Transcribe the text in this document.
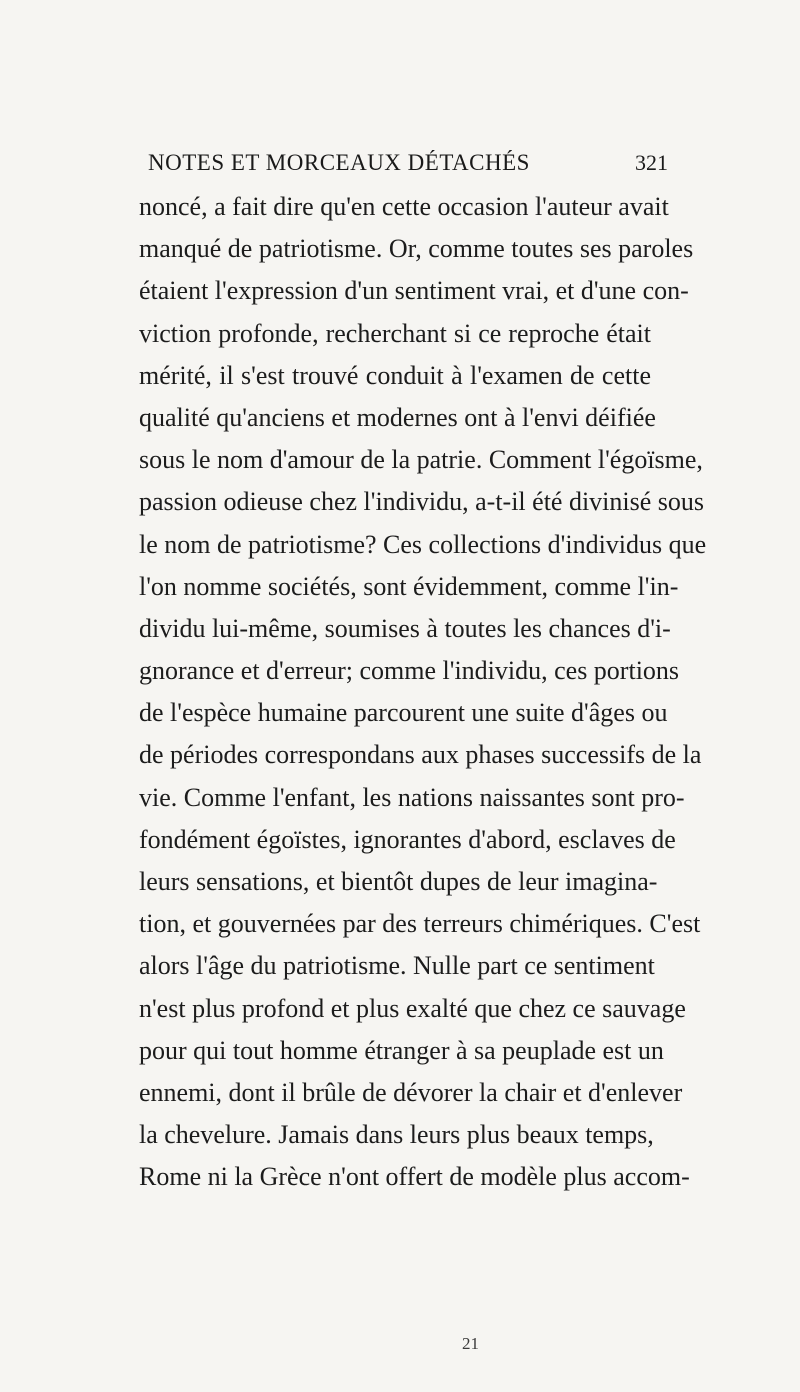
NOTES ET MORCEAUX DÉTACHÉS	321
noncé, a fait dire qu'en cette occasion l'auteur avait
manqué de patriotisme. Or, comme toutes ses paroles
étaient l'expression d'un sentiment vrai, et d'une con-
viction profonde, recherchant si ce reproche était
mérité, il s'est trouvé conduit à l'examen de cette
qualité qu'anciens et modernes ont à l'envi déifiée
sous le nom d'amour de la patrie. Comment l'égoïsme,
passion odieuse chez l'individu, a-t-il été divinisé sous
le nom de patriotisme? Ces collections d'individus que
l'on nomme sociétés, sont évidemment, comme l'in-
dividu lui-même, soumises à toutes les chances d'i-
gnorance et d'erreur; comme l'individu, ces portions
de l'espèce humaine parcourent une suite d'âges ou
de périodes correspondans aux phases successifs de la
vie. Comme l'enfant, les nations naissantes sont pro-
fondément égoïstes, ignorantes d'abord, esclaves de
leurs sensations, et bientôt dupes de leur imagina-
tion, et gouvernées par des terreurs chimériques. C'est
alors l'âge du patriotisme. Nulle part ce sentiment
n'est plus profond et plus exalté que chez ce sauvage
pour qui tout homme étranger à sa peuplade est un
ennemi, dont il brûle de dévorer la chair et d'enlever
la chevelure. Jamais dans leurs plus beaux temps,
Rome ni la Grèce n'ont offert de modèle plus accom-
21
